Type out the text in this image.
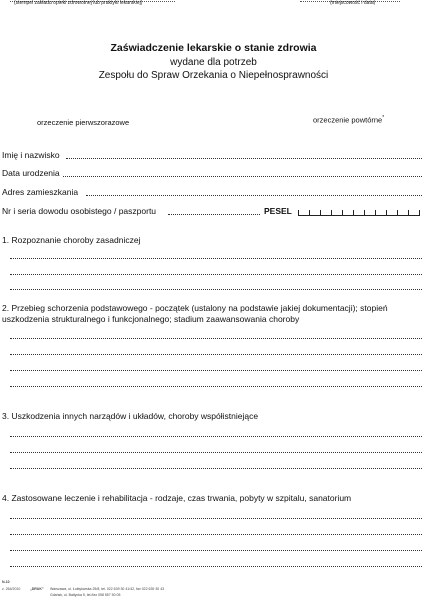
(stempel zakładu opieki zdrowotnej lub praktyki lekarskiej)	(miejscowość i data)
Zaświadczenie lekarskie o stanie zdrowia
wydane dla potrzeb
Zespołu do Spraw Orzekania o Niepełnosprawności
orzeczenie pierwszorazowe	orzeczenie powtórne*
Imię i nazwisko
Data urodzenia
Adres zamieszkania
Nr i seria dowodu osobistego / paszportu	PESEL
1. Rozpoznanie choroby zasadniczej
2. Przebieg schorzenia podstawowego - początek (ustalony na podstawie jakiej dokumentacji); stopień uszkodzenia strukturalnego i funkcjonalnego; stadium zaawansowania choroby
3. Uszkodzenia innych narządów i układów, choroby współistniejące
4. Zastosowane leczenie i rehabilitacja - rodzaje, czas trwania, pobyty w szpitalu, sanatorium
N-10
z. 264/2010	„DRUK” Warszawa, ul. Łuktykarska 25/8, tel. 022 639 30 41/42, fax 022 639 30 43
Gdańsk, ul. Bałtycka 5, tel./fax 058 557 50 05
